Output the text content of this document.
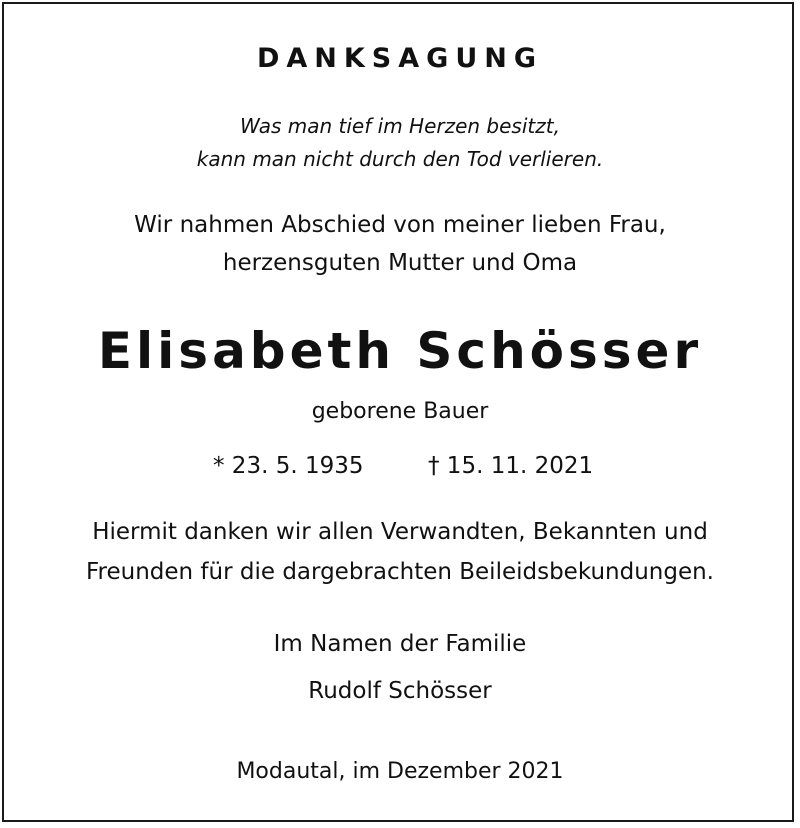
DANKSAGUNG
Was man tief im Herzen besitzt,
kann man nicht durch den Tod verlieren.
Wir nahmen Abschied von meiner lieben Frau,
herzensguten Mutter und Oma
Elisabeth Schösser
geborene Bauer
* 23. 5. 1935	† 15. 11. 2021
Hiermit danken wir allen Verwandten, Bekannten und
Freunden für die dargebrachten Beileidsbekundungen.
Im Namen der Familie
Rudolf Schösser
Modautal, im Dezember 2021
